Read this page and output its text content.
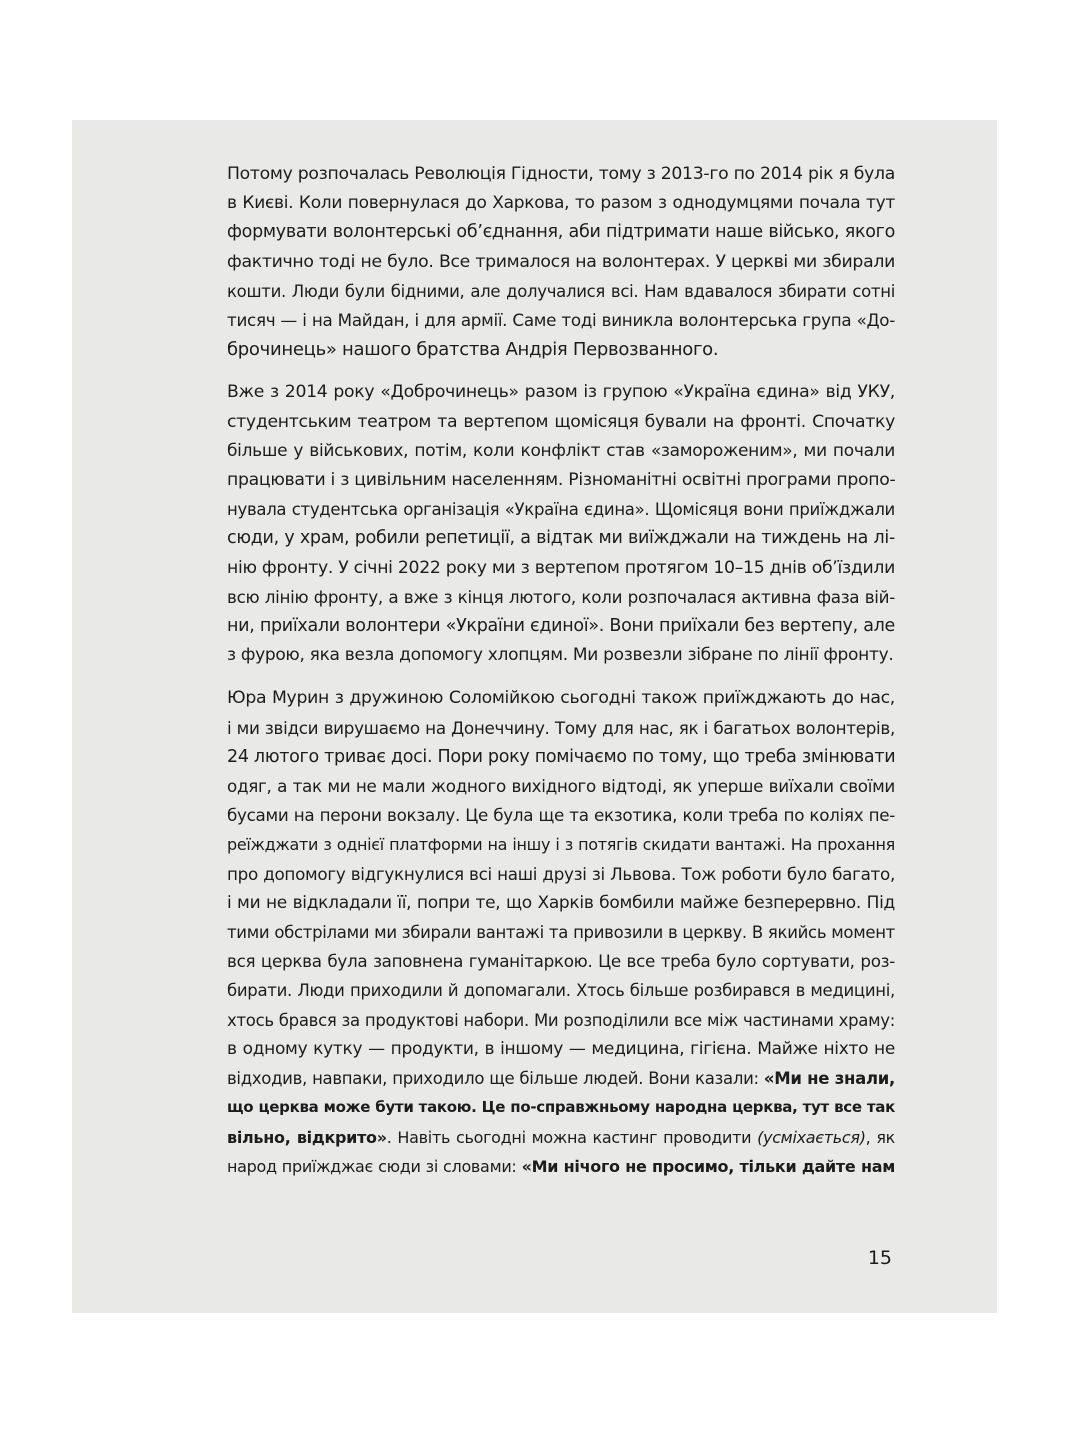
Потому розпочалась Революція Гідности, тому з 2013-го по 2014 рік я була
в Києві. Коли повернулася до Харкова, то разом з однодумцями почала тут
формувати волонтерські об’єднання, аби підтримати наше військо, якого
фактично тоді не було. Все трималося на волонтерах. У церкві ми збирали
кошти. Люди були бідними, але долучалися всі. Нам вдавалося збирати сотні
тисяч — і на Майдан, і для армії. Саме тоді виникла волонтерська група «До-
брочинець» нашого братства Андрія Первозванного.
Вже з 2014 року «Доброчинець» разом із групою «Україна єдина» від УКУ,
студентським театром та вертепом щомісяця бували на фронті. Спочатку
більше у військових, потім, коли конфлікт став «замороженим», ми почали
працювати і з цивільним населенням. Різноманітні освітні програми пропо-
нувала студентська організація «Україна єдина». Щомісяця вони приїжджали
сюди, у храм, робили репетиції, а відтак ми виїжджали на тиждень на лі-
нію фронту. У січні 2022 року ми з вертепом протягом 10–15 днів об’їздили
всю лінію фронту, а вже з кінця лютого, коли розпочалася активна фаза вій-
ни, приїхали волонтери «України єдиної». Вони приїхали без вертепу, але
з фурою, яка везла допомогу хлопцям. Ми розвезли зібране по лінії фронту.
Юра Мурин з дружиною Соломійкою сьогодні також приїжджають до нас,
і ми звідси вирушаємо на Донеччину. Тому для нас, як і багатьох волонтерів,
24 лютого триває досі. Пори року помічаємо по тому, що треба змінювати
одяг, а так ми не мали жодного вихідного відтоді, як уперше виїхали своїми
бусами на перони вокзалу. Це була ще та екзотика, коли треба по коліях пе-
реїжджати з однієї платформи на іншу і з потягів скидати вантажі. На прохання
про допомогу відгукнулися всі наші друзі зі Львова. Тож роботи було багато,
і ми не відкладали її, попри те, що Харків бомбили майже безперервно. Під
тими обстрілами ми збирали вантажі та привозили в церкву. В якийсь момент
вся церква була заповнена гуманітаркою. Це все треба було сортувати, роз-
бирати. Люди приходили й допомагали. Хтось більше розбирався в медицині,
хтось брався за продуктові набори. Ми розподілили все між частинами храму:
в одному кутку — продукти, в іншому — медицина, гігієна. Майже ніхто не
відходив, навпаки, приходило ще більше людей. Вони казали: «Ми не знали,
що церква може бути такою. Це по-справжньому народна церква, тут все так
вільно, відкрито». Навіть сьогодні можна кастинг проводити (усміхається), як
народ приїжджає сюди зі словами: «Ми нічого не просимо, тільки дайте нам
15
